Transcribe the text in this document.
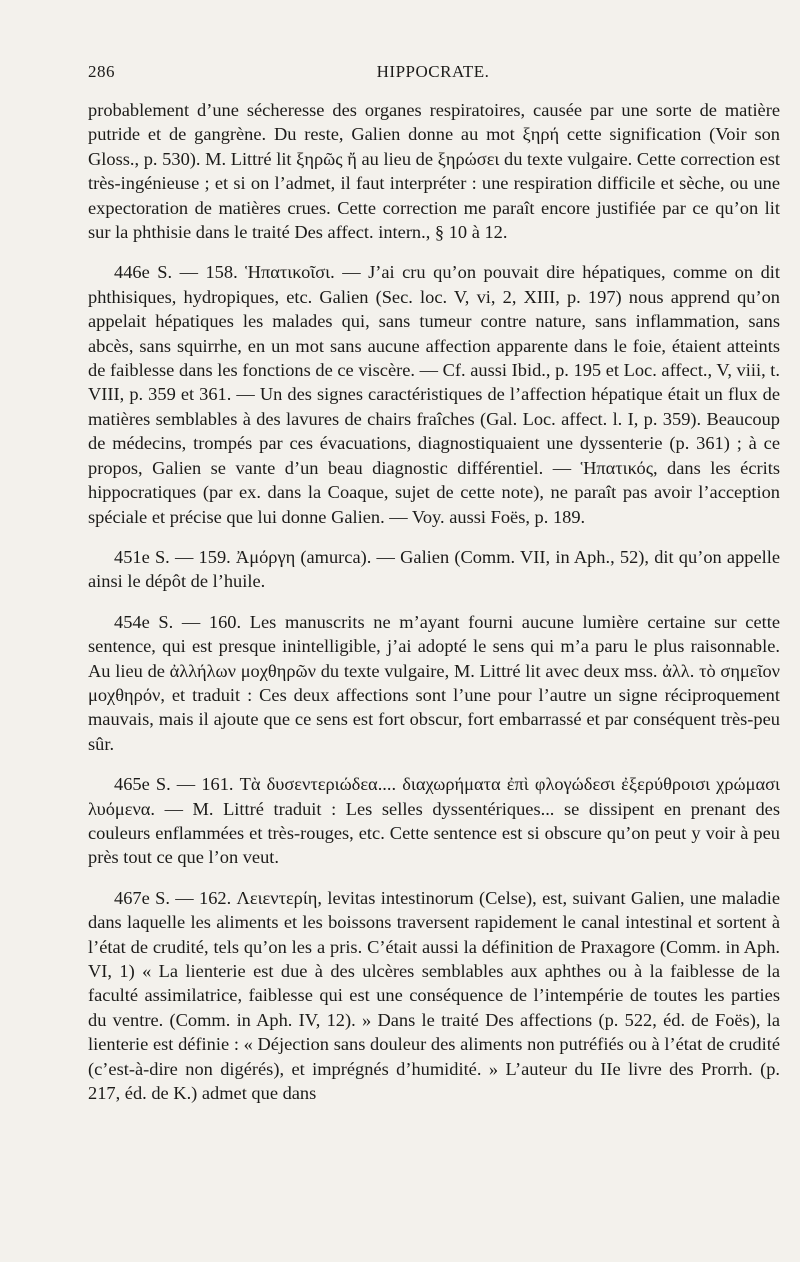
286	HIPPOCRATE.

probablement d’une sécheresse des organes respiratoires, causée par une sorte de matière putride et de gangrène. Du reste, Galien donne au mot ξηρή cette signification (Voir son Gloss., p. 530). M. Littré lit ξηρῶς ἤ au lieu de ξηρώσει du texte vulgaire. Cette correction est très-ingénieuse ; et si on l’admet, il faut interpréter : une respiration difficile et sèche, ou une expectoration de matières crues. Cette correction me paraît encore justifiée par ce qu’on lit sur la phthisie dans le traité Des affect. intern., § 10 à 12.

446e S. — 158. Ἡπατικοῖσι. — J’ai cru qu’on pouvait dire hépatiques, comme on dit phthisiques, hydropiques, etc. Galien (Sec. loc. V, vi, 2, XIII, p. 197) nous apprend qu’on appelait hépatiques les malades qui, sans tumeur contre nature, sans inflammation, sans abcès, sans squirrhe, en un mot sans aucune affection apparente dans le foie, étaient atteints de faiblesse dans les fonctions de ce viscère. — Cf. aussi Ibid., p. 195 et Loc. affect., V, viii, t. VIII, p. 359 et 361. — Un des signes caractéristiques de l’affection hépatique était un flux de matières semblables à des lavures de chairs fraîches (Gal. Loc. affect. l. I, p. 359). Beaucoup de médecins, trompés par ces évacuations, diagnostiquaient une dyssenterie (p. 361) ; à ce propos, Galien se vante d’un beau diagnostic différentiel. — Ἡπατικός, dans les écrits hippocratiques (par ex. dans la Coaque, sujet de cette note), ne paraît pas avoir l’acception spéciale et précise que lui donne Galien. — Voy. aussi Foës, p. 189.

451e S. — 159. Ἀμόργη (amurca). — Galien (Comm. VII, in Aph., 52), dit qu’on appelle ainsi le dépôt de l’huile.

454e S. — 160. Les manuscrits ne m’ayant fourni aucune lumière certaine sur cette sentence, qui est presque inintelligible, j’ai adopté le sens qui m’a paru le plus raisonnable. Au lieu de ἀλλήλων μοχθηρῶν du texte vulgaire, M. Littré lit avec deux mss. ἀλλ. τὸ σημεῖον μοχθηρόν, et traduit : Ces deux affections sont l’une pour l’autre un signe réciproquement mauvais, mais il ajoute que ce sens est fort obscur, fort embarrassé et par conséquent très-peu sûr.

465e S. — 161. Τὰ δυσεντεριώδεα.... διαχωρήματα ἐπὶ φλογώδεσι ἐξερύθροισι χρώμασι λυόμενα. — M. Littré traduit : Les selles dyssentériques... se dissipent en prenant des couleurs enflammées et très-rouges, etc. Cette sentence est si obscure qu’on peut y voir à peu près tout ce que l’on veut.

467e S. — 162. Λειεντερίη, levitas intestinorum (Celse), est, suivant Galien, une maladie dans laquelle les aliments et les boissons traversent rapidement le canal intestinal et sortent à l’état de crudité, tels qu’on les a pris. C’était aussi la définition de Praxagore (Comm. in Aph. VI, 1) « La lienterie est due à des ulcères semblables aux aphthes ou à la faiblesse de la faculté assimilatrice, faiblesse qui est une conséquence de l’intempérie de toutes les parties du ventre. (Comm. in Aph. IV, 12). » Dans le traité Des affections (p. 522, éd. de Foës), la lienterie est définie : « Déjection sans douleur des aliments non putréfiés ou à l’état de crudité (c’est-à-dire non digérés), et imprégnés d’humidité. » L’auteur du IIe livre des Prorrh. (p. 217, éd. de K.) admet que dans
